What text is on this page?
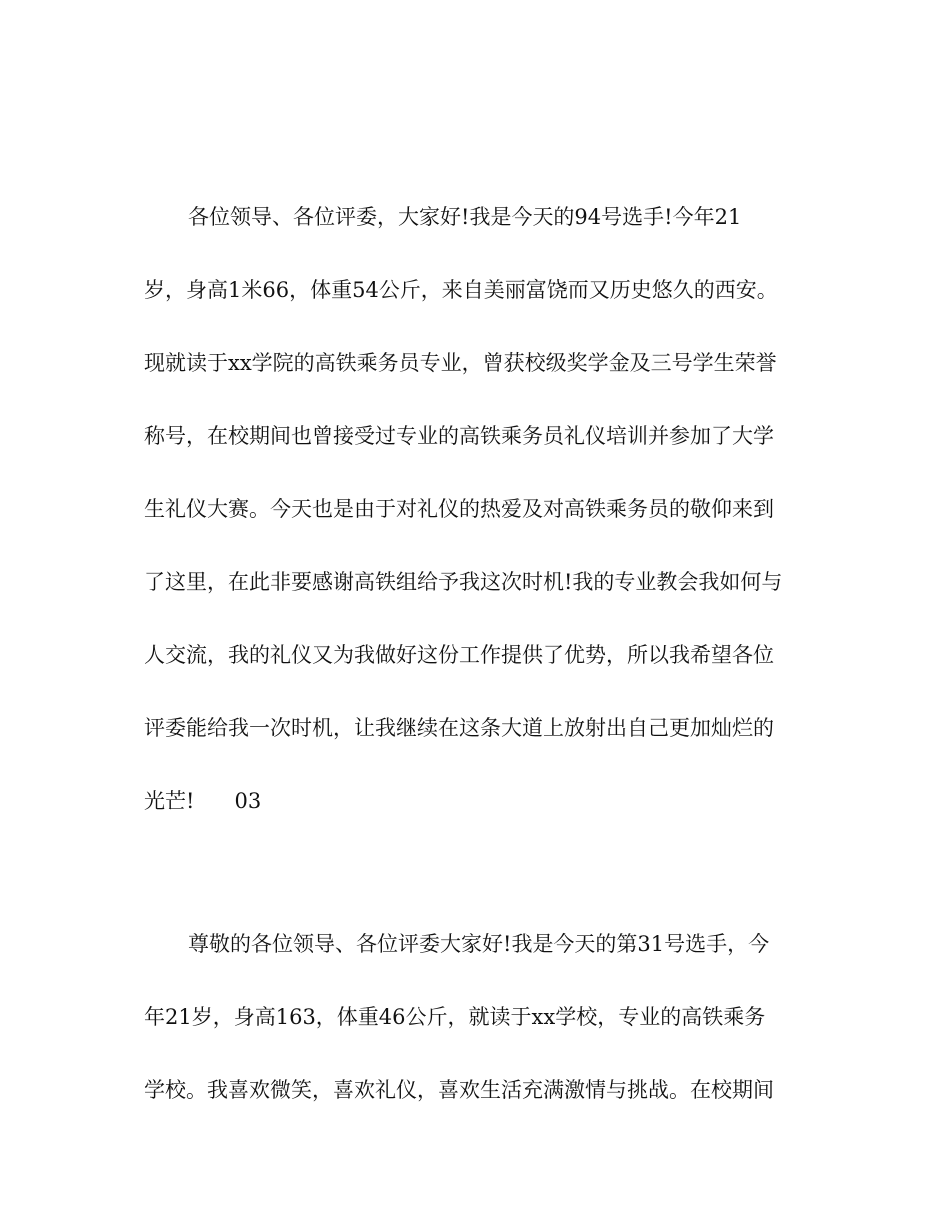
各位领导、各位评委，大家好!我是今天的94号选手!今年21
岁，身高1米66，体重54公斤，来自美丽富饶而又历史悠久的西安。
现就读于xx学院的高铁乘务员专业，曾获校级奖学金及三号学生荣誉
称号，在校期间也曾接受过专业的高铁乘务员礼仪培训并参加了大学
生礼仪大赛。今天也是由于对礼仪的热爱及对高铁乘务员的敬仰来到
了这里，在此非要感谢高铁组给予我这次时机!我的专业教会我如何与
人交流，我的礼仪又为我做好这份工作提供了优势，所以我希望各位
评委能给我一次时机，让我继续在这条大道上放射出自己更加灿烂的
光芒! 03
尊敬的各位领导、各位评委大家好!我是今天的第31号选手，今
年21岁，身高163，体重46公斤，就读于xx学校，专业的高铁乘务
学校。我喜欢微笑，喜欢礼仪，喜欢生活充满激情与挑战。在校期间
